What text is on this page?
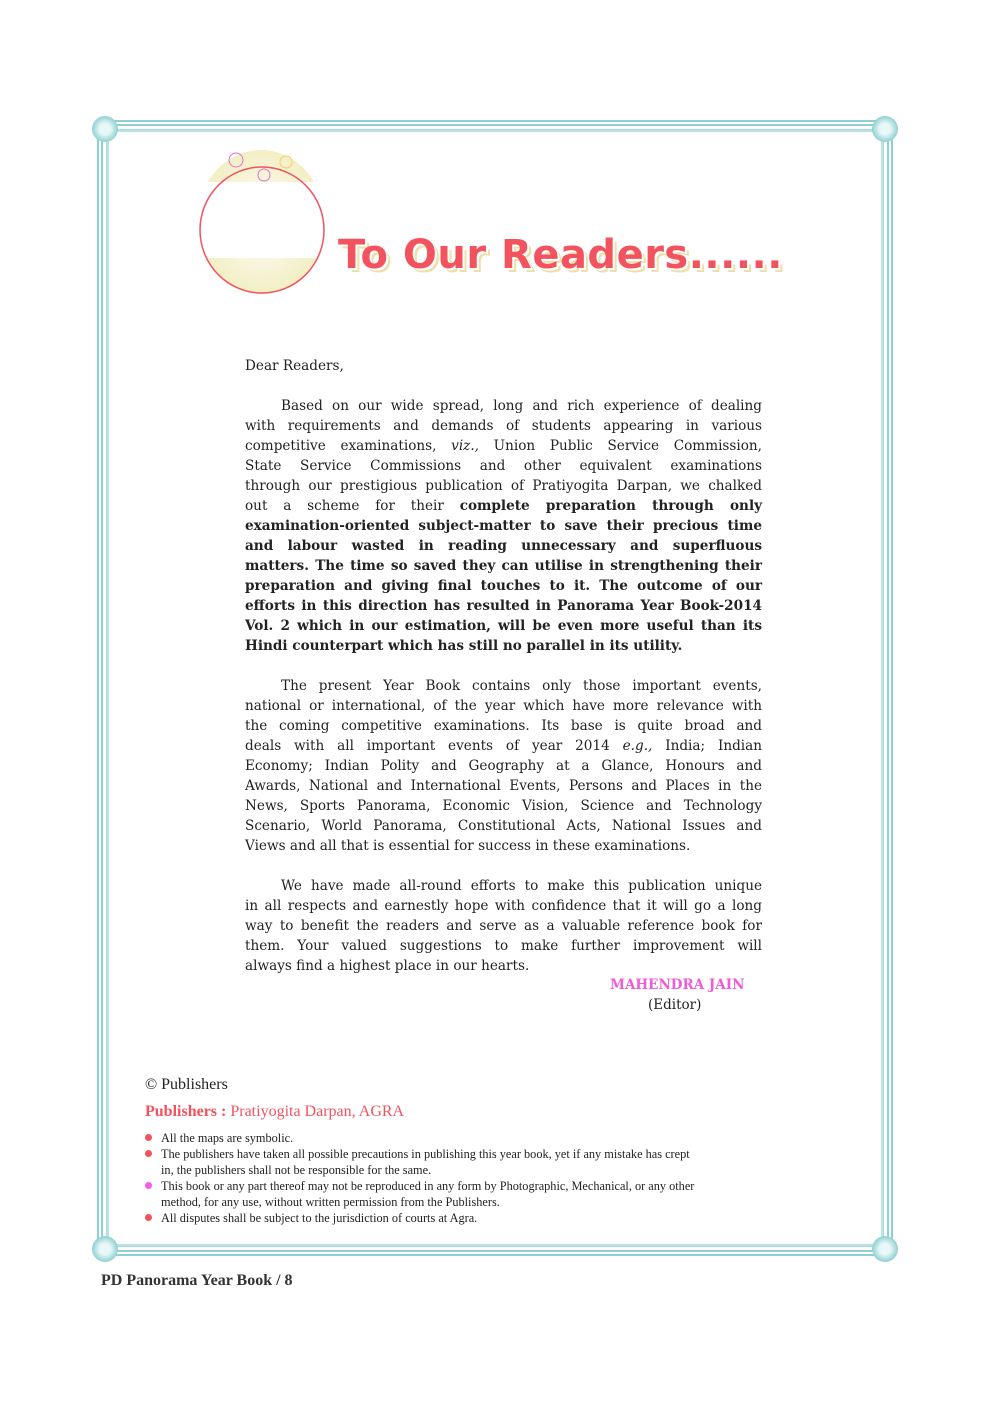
To Our Readers......
Dear Readers,
Based on our wide spread, long and rich experience of dealing
with requirements and demands of students appearing in various
competitive examinations, viz., Union Public Service Commission,
State Service Commissions and other equivalent examinations
through our prestigious publication of Pratiyogita Darpan, we chalked
out a scheme for their complete preparation through only
examination-oriented subject-matter to save their precious time
and labour wasted in reading unnecessary and superfluous
matters. The time so saved they can utilise in strengthening their
preparation and giving final touches to it. The outcome of our
efforts in this direction has resulted in Panorama Year Book-2014
Vol. 2 which in our estimation, will be even more useful than its
Hindi counterpart which has still no parallel in its utility.
The present Year Book contains only those important events,
national or international, of the year which have more relevance with
the coming competitive examinations. Its base is quite broad and
deals with all important events of year 2014 e.g., India; Indian
Economy; Indian Polity and Geography at a Glance, Honours and
Awards, National and International Events, Persons and Places in the
News, Sports Panorama, Economic Vision, Science and Technology
Scenario, World Panorama, Constitutional Acts, National Issues and
Views and all that is essential for success in these examinations.
We have made all-round efforts to make this publication unique
in all respects and earnestly hope with confidence that it will go a long
way to benefit the readers and serve as a valuable reference book for
them. Your valued suggestions to make further improvement will
always find a highest place in our hearts.
MAHENDRA JAIN
(Editor)
© Publishers
Publishers : Pratiyogita Darpan, AGRA
All the maps are symbolic.
The publishers have taken all possible precautions in publishing this year book, yet if any mistake has crept in, the publishers shall not be responsible for the same.
This book or any part thereof may not be reproduced in any form by Photographic, Mechanical, or any other method, for any use, without written permission from the Publishers.
All disputes shall be subject to the jurisdiction of courts at Agra.
PD Panorama Year Book / 8
